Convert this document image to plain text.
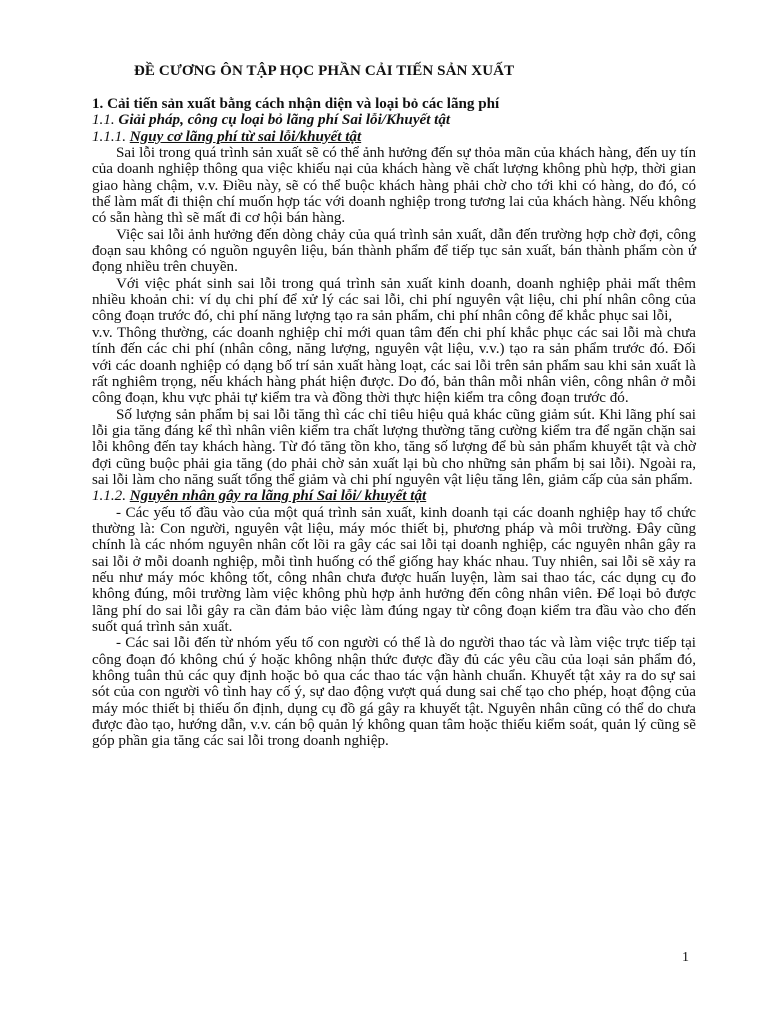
ĐỀ CƯƠNG ÔN TẬP HỌC PHẦN CẢI TIẾN SẢN XUẤT

1. Cải tiến sản xuất bằng cách nhận diện và loại bỏ các lãng phí

1.1. Giải pháp, công cụ loại bỏ lãng phí Sai lỗi/Khuyết tật

1.1.1. Nguy cơ lãng phí từ sai lỗi/khuyết tật

Sai lỗi trong quá trình sản xuất sẽ có thể ảnh hưởng đến sự thỏa mãn của khách hàng, đến uy tín của doanh nghiệp thông qua việc khiếu nại của khách hàng về chất lượng không phù hợp, thời gian giao hàng chậm, v.v. Điều này, sẽ có thể buộc khách hàng phải chờ cho tới khi có hàng, do đó, có thể làm mất đi thiện chí muốn hợp tác với doanh nghiệp trong tương lai của khách hàng. Nếu không có sẵn hàng thì sẽ mất đi cơ hội bán hàng.

Việc sai lỗi ảnh hưởng đến dòng chảy của quá trình sản xuất, dẫn đến trường hợp chờ đợi, công đoạn sau không có nguồn nguyên liệu, bán thành phẩm để tiếp tục sản xuất, bán thành phẩm còn ứ đọng nhiều trên chuyền.

Với việc phát sinh sai lỗi trong quá trình sản xuất kinh doanh, doanh nghiệp phải mất thêm nhiều khoản chi: ví dụ chi phí để xử lý các sai lỗi, chi phí nguyên vật liệu, chi phí nhân công của công đoạn trước đó, chi phí năng lượng tạo ra sản phẩm, chi phí nhân công để khắc phục sai lỗi,

v.v. Thông thường, các doanh nghiệp chỉ mới quan tâm đến chi phí khắc phục các sai lỗi mà chưa tính đến các chi phí (nhân công, năng lượng, nguyên vật liệu, v.v.) tạo ra sản phẩm trước đó. Đối với các doanh nghiệp có dạng bố trí sản xuất hàng loạt, các sai lỗi trên sản phẩm sau khi sản xuất là rất nghiêm trọng, nếu khách hàng phát hiện được. Do đó, bản thân mỗi nhân viên, công nhân ở mỗi công đoạn, khu vực phải tự kiểm tra và đồng thời thực hiện kiểm tra công đoạn trước đó.

Số lượng sản phẩm bị sai lỗi tăng thì các chỉ tiêu hiệu quả khác cũng giảm sút. Khi lãng phí sai lỗi gia tăng đáng kể thì nhân viên kiểm tra chất lượng thường tăng cường kiểm tra để ngăn chặn sai lỗi không đến tay khách hàng. Từ đó tăng tồn kho, tăng số lượng để bù sản phẩm khuyết tật và chờ đợi cũng buộc phải gia tăng (do phải chờ sản xuất lại bù cho những sản phẩm bị sai lỗi). Ngoài ra, sai lỗi làm cho năng suất tổng thể giảm và chi phí nguyên vật liệu tăng lên, giảm cấp của sản phẩm.

1.1.2. Nguyên nhân gây ra lãng phí Sai lỗi/ khuyết tật

- Các yếu tố đầu vào của một quá trình sản xuất, kinh doanh tại các doanh nghiệp hay tổ chức thường là: Con người, nguyên vật liệu, máy móc thiết bị, phương pháp và môi trường. Đây cũng chính là các nhóm nguyên nhân cốt lõi ra gây các sai lỗi tại doanh nghiệp, các nguyên nhân gây ra sai lỗi ở mỗi doanh nghiệp, mỗi tình huống có thể giống hay khác nhau. Tuy nhiên, sai lỗi sẽ xảy ra nếu như máy móc không tốt, công nhân chưa được huấn luyện, làm sai thao tác, các dụng cụ đo không đúng, môi trường làm việc không phù hợp ảnh hưởng đến công nhân viên. Để loại bỏ được lãng phí do sai lỗi gây ra cần đảm bảo việc làm đúng ngay từ công đoạn kiểm tra đầu vào cho đến suốt quá trình sản xuất.

- Các sai lỗi đến từ nhóm yếu tố con người có thể là do người thao tác và làm việc trực tiếp tại công đoạn đó không chú ý hoặc không nhận thức được đầy đủ các yêu cầu của loại sản phẩm đó, không tuân thủ các quy định hoặc bỏ qua các thao tác vận hành chuẩn. Khuyết tật xảy ra do sự sai sót của con người vô tình hay cố ý, sự dao động vượt quá dung sai chế tạo cho phép, hoạt động của máy móc thiết bị thiếu ổn định, dụng cụ đồ gá gây ra khuyết tật. Nguyên nhân cũng có thể do chưa được đào tạo, hướng dẫn, v.v. cán bộ quản lý không quan tâm hoặc thiếu kiểm soát, quản lý cũng sẽ góp phần gia tăng các sai lỗi trong doanh nghiệp.

1
